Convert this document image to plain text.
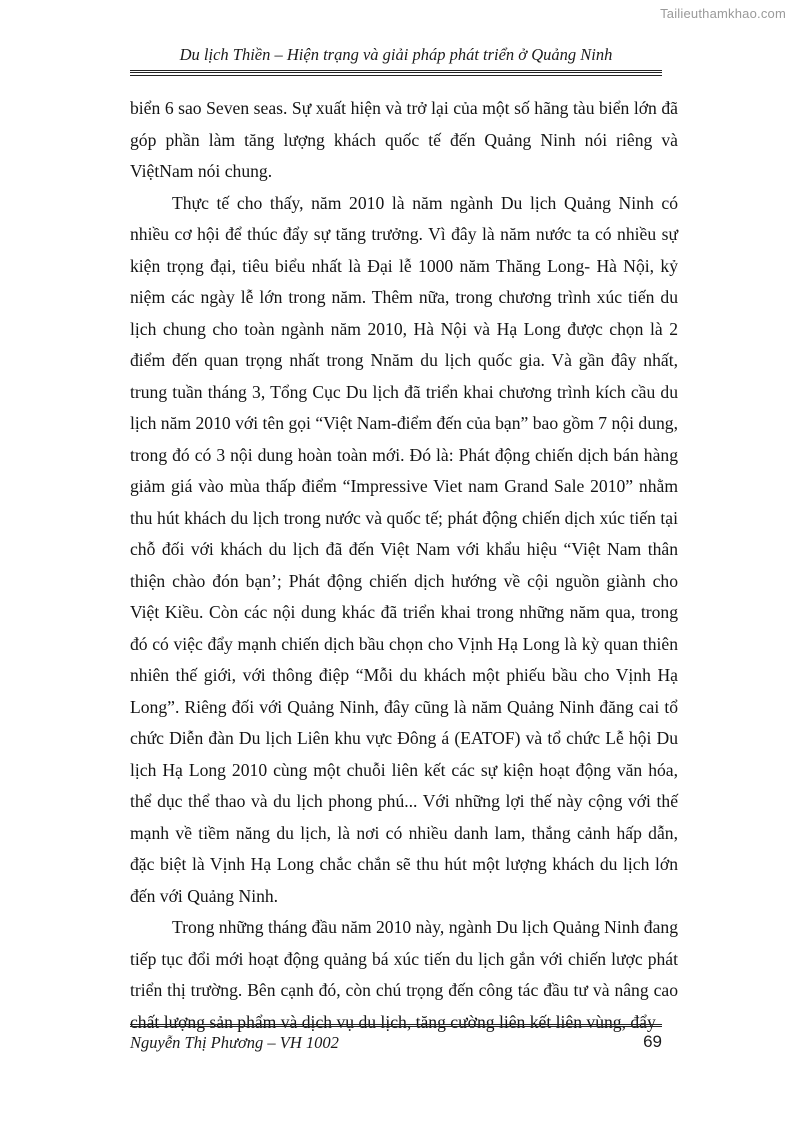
Tailieuthamkhao.com
Du lịch Thiền – Hiện trạng và giải pháp phát triển ở Quảng Ninh

biển 6 sao Seven seas. Sự xuất hiện và trở lại của một số hãng tàu biển lớn đã góp phần làm tăng lượng khách quốc tế đến Quảng Ninh nói riêng và ViệtNam nói chung.

Thực tế cho thấy, năm 2010 là năm ngành Du lịch Quảng Ninh có nhiều cơ hội để thúc đẩy sự tăng trưởng. Vì đây là năm nước ta có nhiều sự kiện trọng đại, tiêu biểu nhất là Đại lễ 1000 năm Thăng Long- Hà Nội, kỷ niệm các ngày lễ lớn trong năm. Thêm nữa, trong chương trình xúc tiến du lịch chung cho toàn ngành năm 2010, Hà Nội và Hạ Long được chọn là 2 điểm đến quan trọng nhất trong Nnăm du lịch quốc gia. Và gần đây nhất, trung tuần tháng 3, Tổng Cục Du lịch đã triển khai chương trình kích cầu du lịch năm 2010 với tên gọi “Việt Nam-điểm đến của bạn” bao gồm 7 nội dung, trong đó có 3 nội dung hoàn toàn mới. Đó là: Phát động chiến dịch bán hàng giảm giá vào mùa thấp điểm “Impressive Viet nam Grand Sale 2010” nhằm thu hút khách du lịch trong nước và quốc tế; phát động chiến dịch xúc tiến tại chỗ đối với khách du lịch đã đến Việt Nam với khẩu hiệu “Việt Nam thân thiện chào đón bạn’; Phát động chiến dịch hướng về cội nguồn giành cho Việt Kiều. Còn các nội dung khác đã triển khai trong những năm qua, trong đó có việc đẩy mạnh chiến dịch bầu chọn cho Vịnh Hạ Long là kỳ quan thiên nhiên thế giới, với thông điệp “Mỗi du khách một phiếu bầu cho Vịnh Hạ Long”. Riêng đối với Quảng Ninh, đây cũng là năm Quảng Ninh đăng cai tổ chức Diễn đàn Du lịch Liên khu vực Đông á (EATOF) và tổ chức Lễ hội Du lịch Hạ Long 2010 cùng một chuỗi liên kết các sự kiện hoạt động văn hóa, thể dục thể thao và du lịch phong phú... Với những lợi thế này cộng với thế mạnh về tiềm năng du lịch, là nơi có nhiều danh lam, thắng cảnh hấp dẫn, đặc biệt là Vịnh Hạ Long chắc chắn sẽ thu hút một lượng khách du lịch lớn đến với Quảng Ninh.

Trong những tháng đầu năm 2010 này, ngành Du lịch Quảng Ninh đang tiếp tục đổi mới hoạt động quảng bá xúc tiến du lịch gắn với chiến lược phát triển thị trường. Bên cạnh đó, còn chú trọng đến công tác đầu tư và nâng cao chất lượng sản phẩm và dịch vụ du lịch, tăng cường liên kết liên vùng, đẩy

Nguyễn Thị Phương – VH 1002	69
